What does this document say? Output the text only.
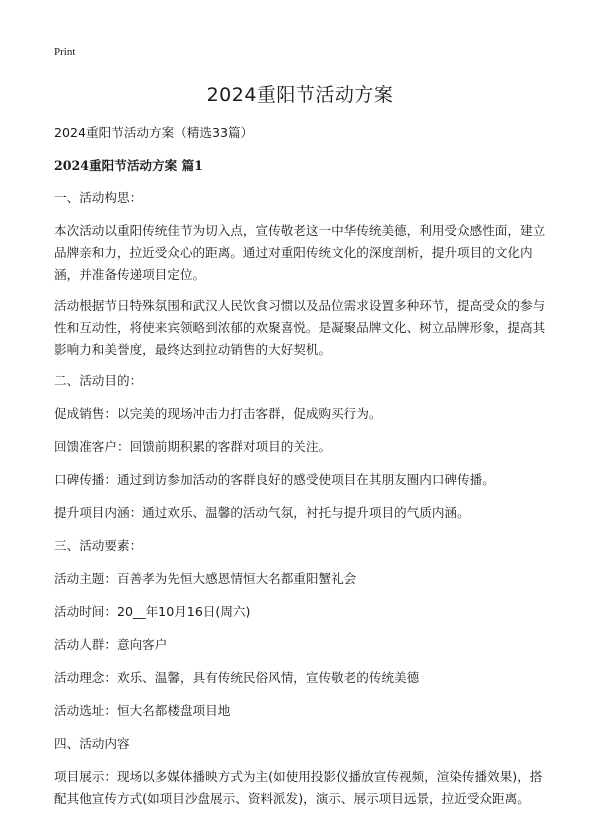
Print
2024重阳节活动方案

2024重阳节活动方案（精选33篇）

2024重阳节活动方案 篇1

一、活动构思：

本次活动以重阳传统佳节为切入点，宣传敬老这一中华传统美德，利用受众感性面，建立品牌亲和力，拉近受众心的距离。通过对重阳传统文化的深度剖析，提升项目的文化内涵，并准备传递项目定位。

活动根据节日特殊氛围和武汉人民饮食习惯以及品位需求设置多种环节，提高受众的参与性和互动性，将使来宾领略到浓郁的欢聚喜悦。是凝聚品牌文化、树立品牌形象，提高其影响力和美誉度，最终达到拉动销售的大好契机。

二、活动目的：

促成销售：以完美的现场冲击力打击客群，促成购买行为。

回馈准客户：回馈前期积累的客群对项目的关注。

口碑传播：通过到访参加活动的客群良好的感受使项目在其朋友圈内口碑传播。

提升项目内涵：通过欢乐、温馨的活动气氛，衬托与提升项目的气质内涵。

三、活动要素：

活动主题：百善孝为先恒大感恩情恒大名都重阳蟹礼会

活动时间：20__年10月16日(周六)

活动人群：意向客户

活动理念：欢乐、温馨，具有传统民俗风情，宣传敬老的传统美德

活动选址：恒大名都楼盘项目地

四、活动内容

项目展示：现场以多媒体播映方式为主(如使用投影仪播放宣传视频，渲染传播效果)，搭配其他宣传方式(如项目沙盘展示、资料派发)，演示、展示项目远景，拉近受众距离。
